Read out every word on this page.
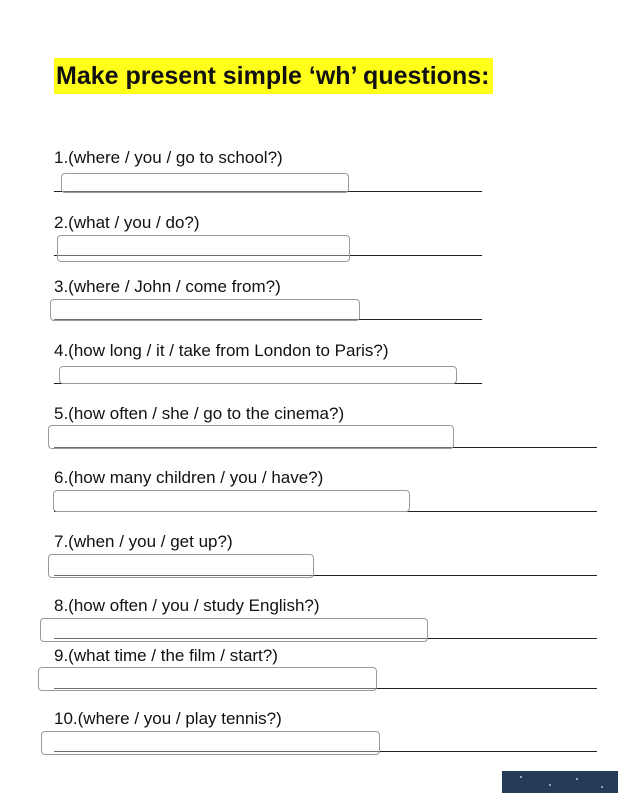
Make present simple ‘wh’ questions:
1.(where / you / go to school?)
2.(what / you / do?)
3.(where / John / come from?)
4.(how long / it / take from London to Paris?)
5.(how often / she / go to the cinema?)
6.(how many children / you / have?)
7.(when / you / get up?)
8.(how often / you / study English?)
9.(what time / the film / start?)
10.(where / you / play tennis?)
